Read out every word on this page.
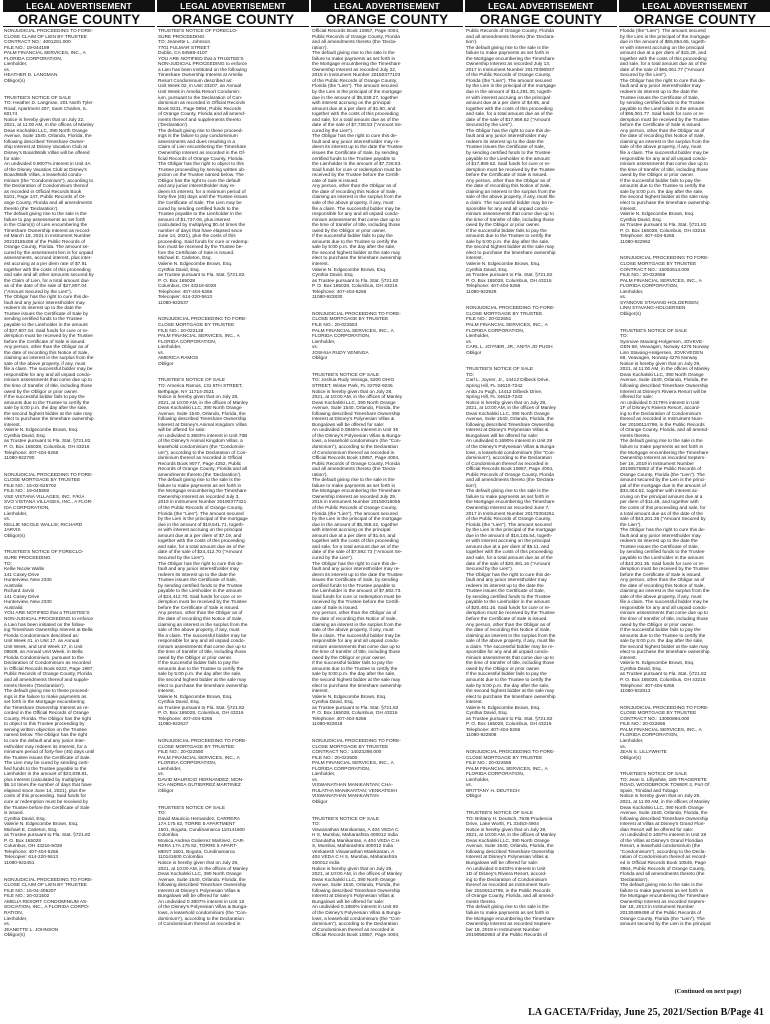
LEGAL ADVERTISEMENT
ORANGE COUNTY
NONJUDICIAL PROCEEDING TO FORE-
CLOSE CLAIM OF LIEN BY TRUSTEE
CONTRACT NO.: 4001281.000
FILE NO.: 19-044189
PALM FINANCIAL SERVICES, INC., A
FLORIDA CORPORATION,
Lienholder,
vs.
HEATHER D. LANGMAN
Obligor(s)

TRUSTEE'S NOTICE OF SALE
TO: Heather D. Langman, 201 North Tyler
Road, Apartment 407, Saint Charles, IL
60174
Notice is hereby given that on July 22,
2021, at 11:00 AM, in the offices of Manley
Deas Kochalski LLC, 390 North Orange
Avenue, Suite 1540, Orlando, Florida, the
following described Timeshare Owner-
ship Interest at Disney Vacation Club at
Disney's BoardWalk Villas will be offered
for sale:
An undivided 0.9007% interest in Unit 4A
of the Disney Vacation Club at Disney's
BoardWalk Villas, a leasehold condo-
minium (the "Condominium"), according to
the Declaration of Condominium thereof
as recorded in Official Records Book
5101, Page 147, Public Records of Or-
ange County, Florida and all amendments
thereto (the 'Declaration').
The default giving rise to the sale is the
failure to pay assessments as set forth
in the Claim(s) of Lien encumbering the
Timeshare Ownership Interest as record-
ed March 18, 2021 in Instrument Number
20210155408 of the Public Records of
Orange County, Florida. The amount se-
cured by the assessment lien is for unpaid
assessments, accrued interest, plus inter-
est accruing at a per diem rate of $7.91
together with the costs of this proceeding
and sale and all other amounts secured by
the Claim of Lien, for a total amount due
as of the date of the sale of $27,807.04
("Amount Secured by the Lien").
The Obligor has the right to cure this de-
fault and any junior interestholder may
redeem its interest up to the date the
Trustee issues the Certificate of Sale by
sending certified funds to the Trustee
payable to the Lienholder in the amount
of $27,807.04. Said funds for cure or re-
demption must be received by the Trustee
before the Certificate of Sale is issued.
Any person, other than the Obligor as of
the date of recording this Notice of Sale,
claiming an interest in the surplus from the
sale of the above property, if any, must
file a claim. The successful bidder may be
responsible for any and all unpaid condo-
minium assessments that come due up to
the time of transfer of title, including those
owed by the Obligor or prior owner.
If the successful bidder fails to pay the
amounts due to the Trustee to certify the
sale by 5:00 p.m. the day after the sale,
the second highest bidder at the sale may
elect to purchase the timeshare ownership
interest.
Valerie N. Edgecombe Brown, Esq.
Cynthia David, Esq.
as Trustee pursuant to Fla. Stat. §721.82
P. O. Box 165028, Columbus, OH 43216
Telephone: 407-404-5266
11080-922780

NONJUDICIAL PROCEEDING TO FORE-
CLOSE MORTGAGE BY TRUSTEE
FILE NO.: 15-02-625702
FILE NO.: 19-045550
VSE VISTANA VILLAGES, INC. F/K/A
SVO VISTANA VILLAGES, INC., A FLOR-
IDA CORPORATION,
Lienholder,
vs.
KELLIE NICOLE WALLIS; RICHARD
JARVIS
Obligor(s)

TRUSTEE'S NOTICE OF FORECLO-
SURE PROCEEDING
TO:
Kellie Nicole Wallis
141 Casey Drive
Hunterview, New 2330
Australia
Richard Jarvis
141 Casey Drive
Hunterview, New 2330
Australia
YOU ARE NOTIFIED that a TRUSTEE'S
NON-JUDICIAL PROCEEDING to enforce
a Lien has been initiated on the follow-
ing Timeshare Ownership Interest at Bella
Florida Condominium described as:
Unit Week 41, in Unit 17, an Annual
Unit Week, and Unit Week 17, in Unit
09508, an Annual Unit Week, in Bella
Florida Condominium, pursuant to the
Declaration of Condominium as recorded
in Official Records Book 6222, Page 1987,
Public Records of Orange County, Florida
and all amendments thereof and supple-
ments thereto ('Declaration').
The default giving rise to these proceed-
ings is the failure to make payments as
set forth in the Mortgage encumbering
the Timeshare Ownership Interest as re-
corded in the Official Records of Orange
County, Florida. The Obligor has the right
to object to this Trustee proceeding by
serving written objection on the Trustee
named below. The Obligor has the right
to cure the default and any junior inter-
estholder may redeem its interest, for a
minimum period of forty-five (45) days until
the Trustee issues the Certificate of Sale.
The Lien may be cured by sending certi-
fied funds to the Trustee payable to the
Lienholder in the amount of $23,839.81,
plus interest (calculated by multiplying
$6.14 times the number of days that have
elapsed since June 14, 2021), plus the
costs of this proceeding. Said funds for
cure or redemption must be received by
the Trustee before the Certificate of Sale
is issued.
Cynthia David, Esq.
Valerie N. Edgecombe Brown, Esq.
Michael E. Carleton, Esq.
as Trustee pursuant to Fla. Stat. §721.82
P. O. Box 165028
Columbus, OH 43216-5028
Telephone: 407-404-5266
Telecopier: 614-220-5613
11080-922451

NONJUDICIAL PROCEEDING TO FORE-
CLOSE CLAIM OF LIEN BY TRUSTEE
FILE NO.: 15-04-406207
FILE NO.: 20-021502
AMELIA RESORT CONDOMINIUM AS-
SOCIATION, INC., A FLORIDA CORPO-
RATION,
Lienholder,
vs.
JEANETTE L. JOHNSON
Obligor(s)
LEGAL ADVERTISEMENT
ORANGE COUNTY
TRUSTEE'S NOTICE OF FORECLO-
SURE PROCEEDING
TO: Jeanette L. Johnson
7701 FULMAR STREET
Dublin, CA 94568-4107
YOU ARE NOTIFIED that a TRUSTEE'S
NON-JUDICIAL PROCEEDING to enforce
a Lien has been instituted on the following
Timeshare Ownership Interest at Amelia
Resort Condominium described as:
Unit Week 02, in Unit 33207, an Annual
Unit Week in Amelia Resort Condomin-
ium, pursuant to the Declaration of Con-
dominium as recorded in Official Records
Book 9231, Page 0894, Public Records
of Orange County, Florida and all amend-
ments thereof and supplements thereto
('Declaration').
The default giving rise to these proceed-
ings is the failure to pay condominium
assessments and dues resulting in a
Claim of Lien encumbering the Timeshare
Ownership Interest as recorded in the Of-
ficial Records of Orange County, Florida.
The Obligor has the right to object to this
Trustee proceeding by serving written ob-
jection on the Trustee named below. The
Obligor has the right to cure the default
and any junior interestholder may re-
deem its interest, for a minimum period of
forty-five (45) days until the Trustee issues
the Certificate of Sale. The Lien may be
cured by sending certified funds to the
Trustee payable to the Lienholder in the
amount of $1,737.06, plus interest
(calculated by multiplying $0.44 times the
number of days that have elapsed since
June 14, 2021), plus the costs of this
proceeding. Said funds for cure or redemp-
tion must be received by the Trustee be-
fore the Certificate of Sale is issued.
Michael E. Carleton, Esq.
Valerie N. Edgecombe Brown, Esq.
Cynthia David, Esq.
as Trustee pursuant to Fla. Stat. §721.82
P. O. Box 165028
Columbus, OH 43216-5028
Telephone: 407-404-5266
Telecopier: 614-220-5613
11080-922537

NONJUDICIAL PROCEEDING TO FORE-
CLOSE MORTGAGE BY TRUSTEE
FILE NO.: 20-022128
PALM FINANCIAL SERVICES, INC., A
FLORIDA CORPORATION,
Lienholder,
vs.
AMERICA RAMOS
Obligor

TRUSTEE'S NOTICE OF SALE
TO: America Ramos, 131 5TH STREET,
Bethpage, NY 11714-2521
Notice is hereby given that on July 28,
2021, at 10:00 AM, in the offices of Manley
Deas Kochalski LLC, 390 North Orange
Avenue, Suite 1540, Orlando, Florida, the
following described Timeshare Ownership
Interest at Disney's Animal Kingdom Villas
will be offered for sale:
An undivided 0.3683% interest in Unit 70B
of the Disney's Animal Kingdom Villas, a
leasehold condominium (the "Condomini-
um"), according to the Declaration of Con-
dominium thereof as recorded in Official
Records Book 9077, Page 4252, Public
Records of Orange County, Florida and all
amendments thereto (the 'Declaration').
The default giving rise to the sale is the
failure to make payments as set forth in
the Mortgage encumbering the Timeshare
Ownership Interest as recorded July 3,
2019 in Instrument Number 20190377321
of the Public Records of Orange County,
Florida (the "Lien"). The amount secured
by the Lien is the principal of the mortgage
due in the amount of $19,541.71, togeth-
er with interest accruing on the principal
amount due at a per diem of $7.19, and
together with the costs of this proceeding
and sale, for a total amount due as of the
date of the sale of $24,412.70 ("Amount
Secured by the Lien").
The Obligor has the right to cure this de-
fault and any junior interestholder may
redeem its interest up to the date the
Trustee issues the Certificate of Sale,
by sending certified funds to the Trustee
payable to the Lienholder in the amount
of $24,412.70. Said funds for cure or re-
demption must be received by the Trustee
before the Certificate of Sale is issued.
Any person, other than the Obligor as of
the date of recording this Notice of Sale,
claiming an interest in the surplus from the
sale of the above property, if any, must
file a claim. The successful bidder may be
responsible for any and all unpaid condo-
minium assessments that come due up to
the time of transfer of title, including those
owed by the Obligor or prior owner.
If the successful bidder fails to pay the
amounts due to the Trustee to certify the
sale by 5:00 p.m. the day after the sale,
the second highest bidder at the sale may
elect to purchase the timeshare ownership
interest.
Valerie N. Edgecombe Brown, Esq.
Cynthia David, Esq.
as Trustee pursuant to Fla. Stat. §721.82
P. O. Box 165028, Columbus, OH 43216
Telephone: 407-404-5266
11080-922627

NONJUDICIAL PROCEEDING TO FORE-
CLOSE MORTGAGE BY TRUSTEE
FILE NO.: 20-022550
PALM FINANCIAL SERVICES, INC., A
FLORIDA CORPORATION,
Lienholder,
vs.
DAVID MAURICIO HERNANDEZ; MON-
ICA ANDREA GUTIERREZ MARTINEZ
Obligor

TRUSTEE'S NOTICE OF SALE
TO:
David Mauricio Hernandez, CARRERA
17A 175 82, TORRE 5 APARTMENT
1501, Bogota, Cundinamarca 110141600
Colombia
Monica Andrea Gutierrez Martinez, CAR-
RERA 17A 175 82, TORRE 5 APART-
MENT 1501, Bogota, Cundinamarca
110141600 Colombia
Notice is hereby given that on July 28,
2021, at 10:00 AM, in the offices of Manley
Deas Kochalski LLC, 390 North Orange
Avenue, Suite 1540, Orlando, Florida, the
following described Timeshare Ownership
Interest at Disney's Polynesian Villas &
Bungalows will be offered for sale:
An undivided 0.3807% interest in Unit 18
of the Disney's Polynesian Villas & Bunga-
lows, a leasehold condominium (the "Con-
dominium"), according to the Declaration
of Condominium thereof as recorded in
LEGAL ADVERTISEMENT
ORANGE COUNTY
Official Records Book 10857, Page 4004,
Public Records of Orange County, Florida
and all amendments thereto (the 'Decla-
ration').
The default giving rise to the sale is the
failure to make payments as set forth in
the Mortgage encumbering the Timeshare
Ownership Interest as recorded July 22,
2015 in Instrument Number 20150377103
of the Public Records of Orange County,
Florida (the "Lien"). The amount secured
by the Lien is the principal of the mortgage
due in the amount of $5,538.27, together
with interest accruing on the principal
amount due at a per diem of $1.90, and
together with the costs of this proceeding
and sale, for a total amount due as of the
date of the sale of $7,728.53 ("Amount Se-
cured by the Lien").
The Obligor has the right to cure this de-
fault and any junior interestholder may re-
deem its interest up to the date the Trustee
issues the Certificate of Sale, by sending
certified funds to the Trustee payable to
the Lienholder in the amount of $7,728.53.
Said funds for cure or redemption must be
received by the Trustee before the Certifi-
cate of Sale is issued.
Any person, other than the Obligor as of
the date of recording this Notice of Sale,
claiming an interest in the surplus from the
sale of the above property, if any, must
file a claim. The successful bidder may be
responsible for any and all unpaid condo-
minium assessments that come due up to
the time of transfer of title, including those
owed by the Obligor or prior owner.
If the successful bidder fails to pay the
amounts due to the Trustee to certify the
sale by 5:00 p.m. the day after the sale,
the second highest bidder at the sale may
elect to purchase the timeshare ownership
interest.
Valerie N. Edgecombe Brown, Esq.
Cynthia David, Esq.
as Trustee pursuant to Fla. Stat. §721.82
P. O. Box 165028, Columbus, OH 43216
Telephone: 407-404-5266
11080-922830

NONJUDICIAL PROCEEDING TO FORE-
CLOSE MORTGAGE BY TRUSTEE
FILE NO.: 20-022553
PALM FINANCIAL SERVICES, INC., A
FLORIDA CORPORATION,
Lienholder,
vs.
JOSHUA RUDY VENINGA
Obligor

TRUSTEE'S NOTICE OF SALE
TO: Joshua Rudy Veninga, 5200 OHIO
STREET, Winter Park, FL 32792-9236
Notice is hereby given that on July 28,
2021, at 10:00 AM, in the offices of Manley
Deas Kochalski LLC, 390 North Orange
Avenue, Suite 1540, Orlando, Florida, the
following described Timeshare Ownership
Interest at Disney's Polynesian Villas &
Bungalows will be offered for sale:
An undivided 0.0845% interest in Unit 35
of the Disney's Polynesian Villas & Bunga-
lows, a leasehold condominium (the "Con-
dominium"), according to the Declaration
of Condominium thereof as recorded in
Official Records Book 10857, Page 4004,
Public Records of Orange County, Florida
and all amendments thereto (the 'Decla-
ration').
The default giving rise to the sale is the
failure to make payments as set forth in
the Mortgage encumbering the Timeshare
Ownership Interest as recorded July 29,
2015 in Instrument Number 20150016056
of the Public Records of Orange County,
Florida (the "Lien"). The amount secured
by the Lien is the principal of the mortgage
due in the amount of $5,358.42, together
with interest accruing on the principal
amount due at a per diem of $1.64, and
together with the costs of this proceeding
and sale, for a total amount due as of the
date of the sale of $7,592.73 ("Amount Se-
cured by the Lien").
The Obligor has the right to cure this de-
fault and any junior interestholder may re-
deem its interest up to the date the Trustee
issues the Certificate of Sale, by sending
certified funds to the Trustee payable to
the Lienholder in the amount of $7,592.73.
Said funds for cure or redemption must be
received by the Trustee before the Certifi-
cate of Sale is issued.
Any person, other than the Obligor as of
the date of recording this Notice of Sale,
claiming an interest in the surplus from the
sale of the above property, if any, must
file a claim. The successful bidder may be
responsible for any and all unpaid condo-
minium assessments that come due up to
the time of transfer of title, including those
owed by the Obligor or prior owner.
If the successful bidder fails to pay the
amounts due to the Trustee to certify the
sale by 5:00 p.m. the day after the sale,
the second highest bidder at the sale may
elect to purchase the timeshare ownership
interest.
Valerie N. Edgecombe Brown, Esq.
Cynthia David, Esq.
as Trustee pursuant to Fla. Stat. §721.82
P. O. Box 165028, Columbus, OH 43216
Telephone: 407-404-5266
11080-922818

NONJUDICIAL PROCEEDING TO FORE-
CLOSE MORTGAGE BY TRUSTEE
CONTRACT NO.: 14023298.000
FILE NO.: 20-022600
PALM FINANCIAL SERVICES, INC., A
FLORIDA CORPORATION,
Lienholder,
vs.
VISWANATHAN MANIKANTAN; CHA-
RULATHA MANIKANTAN; VENKATESH
VISWANATHAN MANIKANTAN
Obligor

TRUSTEE'S NOTICE OF SALE
TO:
Viswanathan Manikantan, A 404 VEDA C
H S, Mumbai, Maharashtra 400012 India
Charulatha Manikantan, A 404 VEDA C H
S, Mumbai, Maharashtra 400012 India
Venkatesh Viswanathan Manikantan, A
404 VEDA C H S, Mumbai, Maharashtra
400012 India
Notice is hereby given that on July 29,
2021, at 10:00 AM, in the offices of Manley
Deas Kochalski LLC, 390 North Orange
Avenue, Suite 1540, Orlando, Florida, the
following described Timeshare Ownership
Interest at Disney's Polynesian Villas &
Bungalows will be offered for sale:
An undivided 0.1860% interest in Unit 80
of the Disney's Polynesian Villas & Bunga-
lows, a leasehold condominium (the "Con-
dominium"), according to the Declaration
of Condominium thereof as recorded in
Official Records Book 10857, Page 4004,
LEGAL ADVERTISEMENT
ORANGE COUNTY
Public Records of Orange County, Florida
and all amendments thereto (the 'Declara-
tion').
The default giving rise to the sale is the
failure to make payments as set forth in
the Mortgage encumbering the Timeshare
Ownership Interest as recorded July 13,
2017 in Instrument Number 20170390937
of the Public Records of Orange County,
Florida (the "Lien"). The amount secured
by the Lien is the principal of the mortgage
due in the amount of $14,291.30, togeth-
er with interest accruing on the principal
amount due at a per diem of $4.85, and
together with the costs of this proceeding
and sale, for a total amount due as of the
date of the sale of $17,869.62 ("Amount
Secured by the Lien").
The Obligor has the right to cure this de-
fault and any junior interestholder may
redeem its interest up to the date the
Trustee issues the Certificate of Sale,
by sending certified funds to the Trustee
payable to the Lienholder in the amount
of $17,869.62. Said funds for cure or re-
demption must be received by the Trustee
before the Certificate of Sale is issued.
Any person, other than the Obligor as of
the date of recording this Notice of Sale,
claiming an interest in the surplus from the
sale of the above property, if any, must file
a claim. The successful bidder may be re-
sponsible for any and all unpaid condo-
minium assessments that come due up to
the time of transfer of title, including those
owed by the Obligor or prior owner.
If the successful bidder fails to pay the
amounts due to the Trustee to certify the
sale by 5:00 p.m. the day after the sale,
the second highest bidder at the sale may
elect to purchase the timeshare ownership
interest.
Valerie N. Edgecombe Brown, Esq.
Cynthia David, Esq.
as Trustee pursuant to Fla. Stat. §721.82
P. O. Box 165028, Columbus, OH 43216
Telephone: 407-404-5266
11080-922929

NONJUDICIAL PROCEEDING TO FORE-
CLOSE MORTGAGE BY TRUSTEE
FILE NO.: 20-022651
PALM FINANCIAL SERVICES, INC., A
FLORIDA CORPORATION,
Lienholder,
vs.
CARL L. JOYNER, JR.; ANITA JO PUGH
Obligor

TRUSTEE'S NOTICE OF SALE
TO:
Carl L. Joyner, Jr., 14412 Dilbeck Drive,
Spring Hill, FL 34610-7242
Anita Jo Pugh, 14412 Dilbeck Drive,
Spring Hill, FL 34610-7242
Notice is hereby given that on July 28,
2021, at 10:00 AM, in the offices of Manley
Deas Kochalski LLC, 390 North Orange
Avenue, Suite 1540, Orlando, Florida, the
following described Timeshare Ownership
Interest at Disney's Polynesian Villas &
Bungalows will be offered for sale:
An undivided 0.1690% interest in Unit 29
of the Disney's Polynesian Villas & Bunga-
lows, a leasehold condominium (the "Con-
dominium"), according to the Declaration
of Condominium thereof as recorded in
Official Records Book 10857, Page 4004,
Public Records of Orange County, Florida
and all amendments thereto (the 'Declara-
tion').
The default giving rise to the sale is the
failure to make payments as set forth in
the Mortgage encumbering the Timeshare
Ownership Interest as recorded June 7,
2017 in Instrument Number 20170304261
of the Public Records of Orange County,
Florida (the "Lien"). The amount secured
by the Lien is the principal of the mortgage
due in the amount of $16,145.54, togeth-
er with interest accruing on the principal
amount due at a per diem of $5.11, and
together with the costs of this proceeding
and sale, for a total amount due as of the
date of the sale of $20,481.16 ("Amount
Secured by the Lien").
The Obligor has the right to cure this de-
fault and any junior interestholder may
redeem its interest up to the date the
Trustee issues the Certificate of Sale,
by sending certified funds to the Trustee
payable to the Lienholder in the amount
of $20,481.16. Said funds for cure or re-
demption must be received by the Trustee
before the Certificate of Sale is issued.
Any person, other than the Obligor as of
the date of recording this Notice of Sale,
claiming an interest in the surplus from the
sale of the above property, if any, must file
a claim. The successful bidder may be re-
sponsible for any and all unpaid condo-
minium assessments that come due up to
the time of transfer of title, including those
owed by the Obligor or prior owner.
If the successful bidder fails to pay the
amounts due to the Trustee to certify the
sale by 5:00 p.m. the day after the sale,
the second highest bidder at the sale may
elect to purchase the timeshare ownership
interest.
Valerie N. Edgecombe Brown, Esq.
Cynthia David, Esq.
as Trustee pursuant to Fla. Stat. §721.82
P. O. Box 165028, Columbus, OH 43216
Telephone: 407-404-5266
11080-922808

NONJUDICIAL PROCEEDING TO FORE-
CLOSE MORTGAGE BY TRUSTEE
FILE NO.: 20-022655
PALM FINANCIAL SERVICES, INC., A
FLORIDA CORPORATION,
Lienholder,
vs.
BRITTANY H. DEUTSCH
Obligor

TRUSTEE'S NOTICE OF SALE
TO: Brittany H. Deutsch, 7638 Prudencia
Drive, Lake Worth, FL 33463-4904
Notice is hereby given that on July 28,
2021, at 10:00 AM, in the offices of Manley
Deas Kochalski LLC, 390 North Orange
Avenue, Suite 1540, Orlando, Florida, the
following described Timeshare Ownership
Interest at Disney's Polynesian Villas &
Bungalows will be offered for sale:
An undivided 0.6433% interest in Unit
1D of Disney's Riviera Resort, accord-
ing to the Declaration of Condominium
thereof as recorded as Instrument Num-
ber 20190114799, in the Public Records
of Orange County, Florida, and all amend-
ments thereto.
The default giving rise to the sale is the
failure to make payments as set forth in
the Mortgage encumbering the Timeshare
Ownership Interest as recorded Septem-
ber 18, 2019 in Instrument Number
20190582963 of the Public Records of
LEGAL ADVERTISEMENT
ORANGE COUNTY
Florida (the "Lien"). The amount secured
by the Lien is the principal of the mortgage
due in the amount of $55,854.65, togeth-
er with interest accruing on the principal
amount due at a per diem of $15.29, and
together with the costs of this proceeding
and sale, for a total amount due as of the
date of the sale of $66,061.77 ("Amount
Secured by the Lien").
The Obligor has the right to cure this de-
fault and any junior interestholder may
redeem its interest up to the date the
Trustee issues the Certificate of Sale,
by sending certified funds to the Trustee
payable to the Lienholder in the amount
of $66,061.77. Said funds for cure or re-
demption must be received by the Trustee
before the Certificate of Sale is issued.
Any person, other than the Obligor as of
the date of recording this Notice of Sale,
claiming an interest in the surplus from the
sale of the above property, if any, must
file a claim. The successful bidder may be
responsible for any and all unpaid condo-
minium assessments that come due up to
the time of transfer of title, including those
owed by the Obligor or prior owner.
If the successful bidder fails to pay the
amounts due to the Trustee to certify the
sale by 5:00 p.m. the day after the sale,
the second highest bidder at the sale may
elect to purchase the timeshare ownership
interest.
Valerie N. Edgecombe Brown, Esq.
Cynthia David, Esq.
as Trustee pursuant to Fla. Stat. §721.82
P. O. Box 165028, Columbus, OH 43216
Telephone: 407-404-5266
11080-922962

NONJUDICIAL PROCEEDING TO FORE-
CLOSE MORTGAGE BY TRUSTEE
CONTRACT NO.: 15004514.000
FILE NO.: 20-022659
PALM FINANCIAL SERVICES, INC., A
FLORIDA CORPORATION,
Lienholder,
vs.
SYNNOVE STAVANG-HOLGERSEN;
LINN STAVANG-HOLGERSEN
Obligor(s)

TRUSTEE'S NOTICE OF SALE
TO:
Synnove Stavang-Holgersen, JOVKVE-
GEN 68, Veavagen, Norway 4276 Norway
Linn Stavang-Holgersen, JOVKVEGEN
68, Veavagen, Norway 4276 Norway
Notice is hereby given that on July 29,
2021, at 11:00 AM, in the offices of Manley
Deas Kochalski LLC, 390 North Orange
Avenue, Suite 1540, Orlando, Florida, the
following described Timeshare Ownership
Interest at Disney's Riviera Resort will be
offered for sale:
An undivided 0.3179% interest in Unit
1F of Disney's Riviera Resort, accord-
ing to the Declaration of Condominium
thereof as recorded in Instrument Num-
ber 20190114799, in the Public Records
of Orange County, Florida, and all amend-
ments thereto.
The default giving rise to the sale is the
failure to make payments as set forth in
the Mortgage encumbering the Timeshare
Ownership Interest as recorded Septem-
ber 16, 2019 in Instrument Number
20190575862 of the Public Records of
Orange County, Florida (the "Lien"). The
amount secured by the Lien is the princi-
pal of the mortgage due in the amount of
$33,464.52, together with interest ac-
cruing on the principal amount due at a
per diem of $11.48, and together with
the costs of this proceeding and sale, for
a total amount due as of the date of the
sale of $43,201.35 ("Amount Secured by
the Lien").
The Obligor has the right to cure this de-
fault and any junior interestholder may
redeem its interest up to the date the
Trustee issues the Certificate of Sale,
by sending certified funds to the Trustee
payable to the Lienholder in the amount
of $43,201.35. Said funds for cure or re-
demption must be received by the Trustee
before the Certificate of Sale is issued.
Any person, other than the Obligor as of
the date of recording this Notice of Sale,
claiming an interest in the surplus from the
sale of the above property, if any, must
file a claim. The successful bidder may be
responsible for any and all unpaid condo-
minium assessments that come due up to
the time of transfer of title, including those
owed by the Obligor or prior owner.
If the successful bidder fails to pay the
amounts due to the Trustee to certify the
sale by 5:00 p.m. the day after the sale,
the second highest bidder at the sale may
elect to purchase the timeshare ownership
interest.
Valerie N. Edgecombe Brown, Esq.
Cynthia David, Esq.
as Trustee pursuant to Fla. Stat. §721.82
P. O. Box 165028, Columbus, OH 43216
Telephone: 407-404-5266
11080-922813

NONJUDICIAL PROCEEDING TO FORE-
CLOSE MORTGAGE BY TRUSTEE
CONTRACT NO.: 13000894.000
FILE NO.: 20-022666
PALM FINANCIAL SERVICES, INC., A
FLORIDA CORPORATION,
Lienholder,
vs.
JEAN S. LILLYWHITE
Obligor(s)

TRUSTEE'S NOTICE OF SALE
TO: Jean S. Lillywhite, 189 TRAGERETE
ROAD, WOODBROOK TOWER 2, Port Of
Spain, Trinidad and Tobago
Notice is hereby given that on July 29,
2021, at 11:00 AM, in the offices of Manley
Deas Kochalski LLC, 390 North Orange
Avenue, Suite 1540, Orlando, Florida, the
following described Timeshare Ownership
Interest at Villas at Disney's Grand Flori-
dian Resort will be offered for sale:
An undivided 0.1057% interest in Unit 28
of the Villas at Disney's Grand Floridian
Resort, a leasehold condominium (the
"Condominium"), according to the Decla-
ration of Condominium thereof as record-
ed in Official Records Book 10545, Page
3964, Public Records of Orange County,
Florida and all amendments thereto (the
'Declaration').
The default giving rise to the sale is the
failure to make payments as set forth in
the Mortgage encumbering the Timeshare
Ownership Interest as recorded Septem-
ber 18, 2013 in Instrument Number
20130489498 of the Public Records of
Orange County, Florida (the "Lien"). The
amount secured by the Lien is the principal
(Continued on next page)
LA GACETA/Friday, June 25, 2021/Section B/Page 41
